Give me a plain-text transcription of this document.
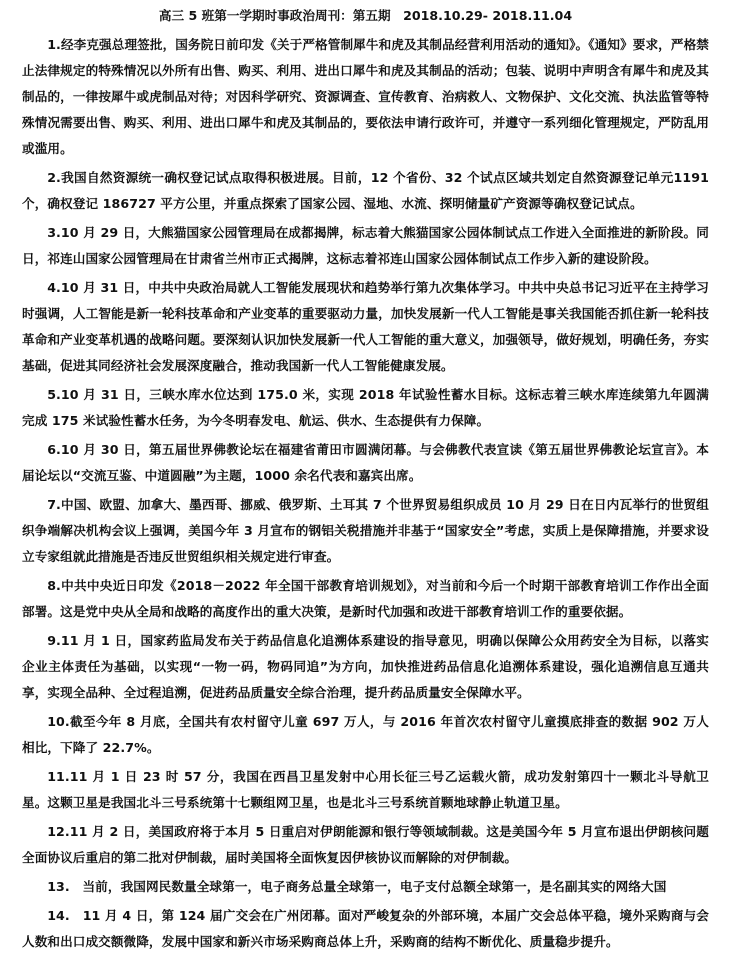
高三 5 班第一学期时事政治周刊：第五期　2018.10.29- 2018.11.04

1.经李克强总理签批，国务院日前印发《关于严格管制犀牛和虎及其制品经营利用活动的通知》。《通知》要求，严格禁止法律规定的特殊情况以外所有出售、购买、利用、进出口犀牛和虎及其制品的活动；包装、说明中声明含有犀牛和虎及其制品的，一律按犀牛或虎制品对待；对因科学研究、资源调查、宣传教育、治病救人、文物保护、文化交流、执法监管等特殊情况需要出售、购买、利用、进出口犀牛和虎及其制品的，要依法申请行政许可，并遵守一系列细化管理规定，严防乱用或滥用。

2.我国自然资源统一确权登记试点取得积极进展。目前，12 个省份、32 个试点区域共划定自然资源登记单元1191 个，确权登记 186727 平方公里，并重点探索了国家公园、湿地、水流、探明储量矿产资源等确权登记试点。

3.10 月 29 日，大熊猫国家公园管理局在成都揭牌，标志着大熊猫国家公园体制试点工作进入全面推进的新阶段。同日，祁连山国家公园管理局在甘肃省兰州市正式揭牌，这标志着祁连山国家公园体制试点工作步入新的建设阶段。

4.10 月 31 日，中共中央政治局就人工智能发展现状和趋势举行第九次集体学习。中共中央总书记习近平在主持学习时强调，人工智能是新一轮科技革命和产业变革的重要驱动力量，加快发展新一代人工智能是事关我国能否抓住新一轮科技革命和产业变革机遇的战略问题。要深刻认识加快发展新一代人工智能的重大意义，加强领导，做好规划，明确任务，夯实基础，促进其同经济社会发展深度融合，推动我国新一代人工智能健康发展。

5.10 月 31 日，三峡水库水位达到 175.0 米，实现 2018 年试验性蓄水目标。这标志着三峡水库连续第九年圆满完成 175 米试验性蓄水任务，为今冬明春发电、航运、供水、生态提供有力保障。

6.10 月 30 日，第五届世界佛教论坛在福建省莆田市圆满闭幕。与会佛教代表宣读《第五届世界佛教论坛宣言》。本届论坛以“交流互鉴、中道圆融”为主题，1000 余名代表和嘉宾出席。

7.中国、欧盟、加拿大、墨西哥、挪威、俄罗斯、土耳其 7 个世界贸易组织成员 10 月 29 日在日内瓦举行的世贸组织争端解决机构会议上强调，美国今年 3 月宣布的钢铝关税措施并非基于“国家安全”考虑，实质上是保障措施，并要求设立专家组就此措施是否违反世贸组织相关规定进行审查。

8.中共中央近日印发《2018－2022 年全国干部教育培训规划》，对当前和今后一个时期干部教育培训工作作出全面部署。这是党中央从全局和战略的高度作出的重大决策，是新时代加强和改进干部教育培训工作的重要依据。

9.11 月 1 日，国家药监局发布关于药品信息化追溯体系建设的指导意见，明确以保障公众用药安全为目标，以落实企业主体责任为基础，以实现“一物一码，物码同追”为方向，加快推进药品信息化追溯体系建设，强化追溯信息互通共享，实现全品种、全过程追溯，促进药品质量安全综合治理，提升药品质量安全保障水平。

10.截至今年 8 月底，全国共有农村留守儿童 697 万人，与 2016 年首次农村留守儿童摸底排查的数据 902 万人相比，下降了 22.7%。

11.11 月 1 日 23 时 57 分，我国在西昌卫星发射中心用长征三号乙运载火箭，成功发射第四十一颗北斗导航卫星。这颗卫星是我国北斗三号系统第十七颗组网卫星，也是北斗三号系统首颗地球静止轨道卫星。

12.11 月 2 日，美国政府将于本月 5 日重启对伊朗能源和银行等领域制裁。这是美国今年 5 月宣布退出伊朗核问题全面协议后重启的第二批对伊制裁，届时美国将全面恢复因伊核协议而解除的对伊制裁。

13.　当前，我国网民数量全球第一，电子商务总量全球第一，电子支付总额全球第一，是名副其实的网络大国

14.　11 月 4 日，第 124 届广交会在广州闭幕。面对严峻复杂的外部环境，本届广交会总体平稳，境外采购商与会人数和出口成交额微降，发展中国家和新兴市场采购商总体上升，采购商的结构不断优化、质量稳步提升。
